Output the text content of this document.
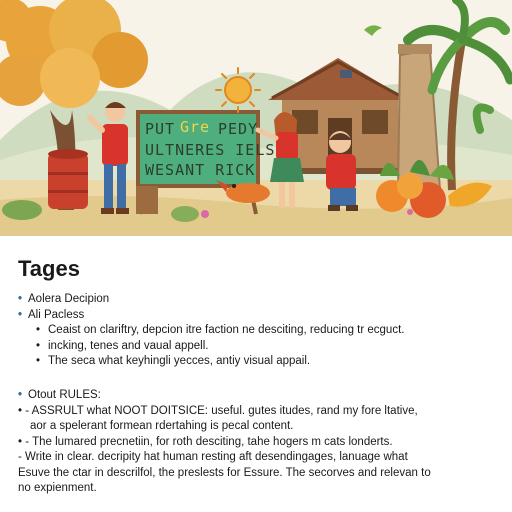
PUT Gre PEDY
ULTNERES IELS
WESANT RICK
Tages
• Aolera Decipion
• Ali Pacless
• Ceaist on clariftry, depcion itre faction ne desciting, reducing tr ecguct.
• incking, tenes and vaual appell.
• The seca what keyhingli yecces, antiy visual appail.
• Otout RULES:
• - ASSRULT what NOOT DOITSICE: useful. gutes itudes, rand my fore ltative,
aor a spelerant formean rdertahing is pecal content.
• - The lumared precnetiin, for roth desciting, tahe hogers m cats londerts.
- Write in clear. decripity hat human resting aft desendingages, lanuage what
Esuve the ctar in descrilfol, the preslests for Essure. The secorves and relevan to
no expienment.
